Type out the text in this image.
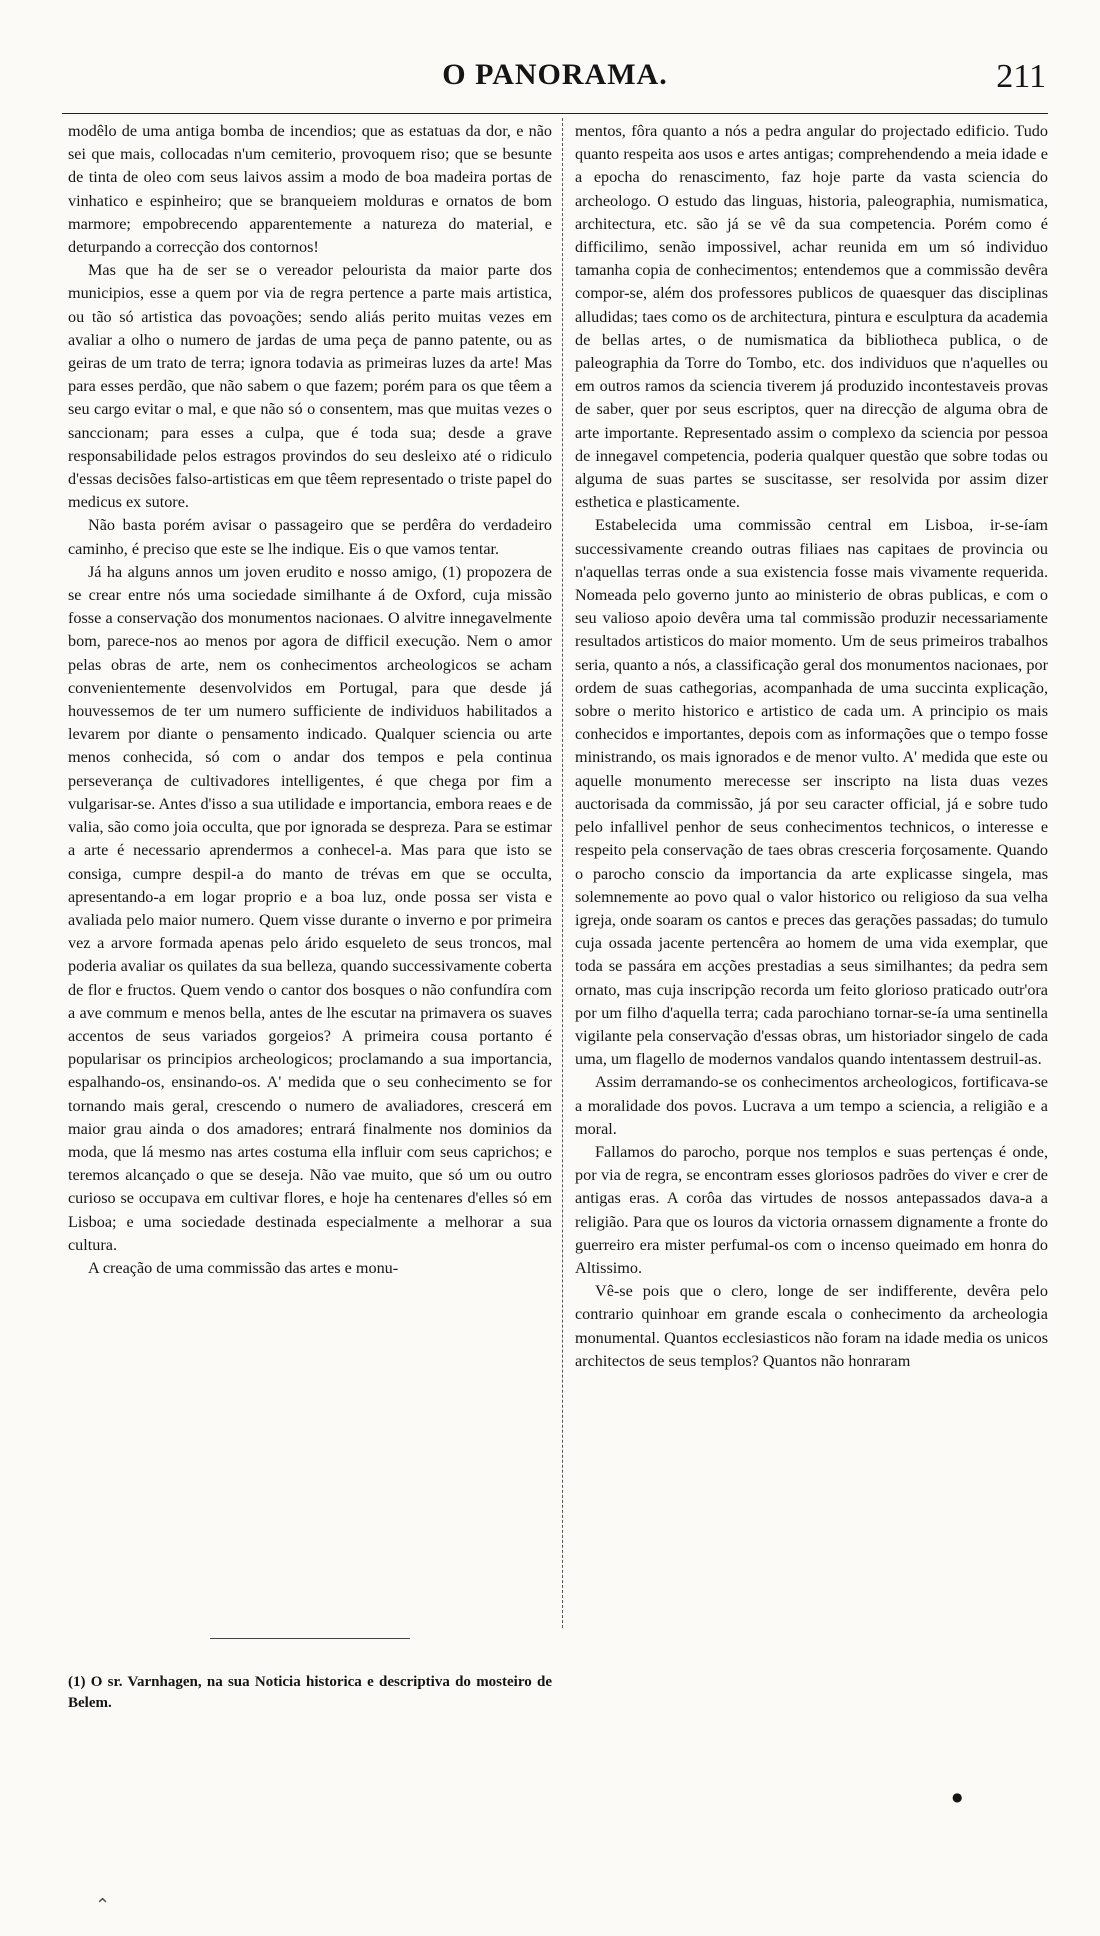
O PANORAMA.	211

modêlo de uma antiga bomba de incendios; que as estatuas da dor, e não sei que mais, collocadas n'um cemiterio, provoquem riso; que se besunte de tinta de oleo com seus laivos assim a modo de boa madeira portas de vinhatico e espinheiro; que se branqueiem molduras e ornatos de bom marmore; empobrecendo apparentemente a natureza do material, e deturpando a correcção dos contornos!

Mas que ha de ser se o vereador pelourista da maior parte dos municipios, esse a quem por via de regra pertence a parte mais artistica, ou tão só artistica das povoações; sendo aliás perito muitas vezes em avaliar a olho o numero de jardas de uma peça de panno patente, ou as geiras de um trato de terra; ignora todavia as primeiras luzes da arte! Mas para esses perdão, que não sabem o que fazem; porém para os que têem a seu cargo evitar o mal, e que não só o consentem, mas que muitas vezes o sanccionam; para esses a culpa, que é toda sua; desde a grave responsabilidade pelos estragos provindos do seu desleixo até o ridiculo d'essas decisões falso-artisticas em que têem representado o triste papel do medicus ex sutore.

Não basta porém avisar o passageiro que se perdêra do verdadeiro caminho, é preciso que este se lhe indique. Eis o que vamos tentar.

Já ha alguns annos um joven erudito e nosso amigo, (1) propozera de se crear entre nós uma sociedade similhante á de Oxford, cuja missão fosse a conservação dos monumentos nacionaes. O alvitre innegavelmente bom, parece-nos ao menos por agora de difficil execução. Nem o amor pelas obras de arte, nem os conhecimentos archeologicos se acham convenientemente desenvolvidos em Portugal, para que desde já houvessemos de ter um numero sufficiente de individuos habilitados a levarem por diante o pensamento indicado. Qualquer sciencia ou arte menos conhecida, só com o andar dos tempos e pela continua perseverança de cultivadores intelligentes, é que chega por fim a vulgarisar-se. Antes d'isso a sua utilidade e importancia, embora reaes e de valia, são como joia occulta, que por ignorada se despreza. Para se estimar a arte é necessario aprendermos a conhecel-a. Mas para que isto se consiga, cumpre despil-a do manto de trévas em que se occulta, apresentando-a em logar proprio e a boa luz, onde possa ser vista e avaliada pelo maior numero. Quem visse durante o inverno e por primeira vez a arvore formada apenas pelo árido esqueleto de seus troncos, mal poderia avaliar os quilates da sua belleza, quando successivamente coberta de flor e fructos. Quem vendo o cantor dos bosques o não confundíra com a ave commum e menos bella, antes de lhe escutar na primavera os suaves accentos de seus variados gorgeios? A primeira cousa portanto é popularisar os principios archeologicos; proclamando a sua importancia, espalhando-os, ensinando-os. A' medida que o seu conhecimento se for tornando mais geral, crescendo o numero de avaliadores, crescerá em maior grau ainda o dos amadores; entrará finalmente nos dominios da moda, que lá mesmo nas artes costuma ella influir com seus caprichos; e teremos alcançado o que se deseja. Não vae muito, que só um ou outro curioso se occupava em cultivar flores, e hoje ha centenares d'elles só em Lisboa; e uma sociedade destinada especialmente a melhorar a sua cultura.

A creação de uma commissão das artes e monu-

mentos, fôra quanto a nós a pedra angular do projectado edificio. Tudo quanto respeita aos usos e artes antigas; comprehendendo a meia idade e a epocha do renascimento, faz hoje parte da vasta sciencia do archeologo. O estudo das linguas, historia, paleographia, numismatica, architectura, etc. são já se vê da sua competencia. Porém como é difficilimo, senão impossivel, achar reunida em um só individuo tamanha copia de conhecimentos; entendemos que a commissão devêra compor-se, além dos professores publicos de quaesquer das disciplinas alludidas; taes como os de architectura, pintura e esculptura da academia de bellas artes, o de numismatica da bibliotheca publica, o de paleographia da Torre do Tombo, etc. dos individuos que n'aquelles ou em outros ramos da sciencia tiverem já produzido incontestaveis provas de saber, quer por seus escriptos, quer na direcção de alguma obra de arte importante. Representado assim o complexo da sciencia por pessoa de innegavel competencia, poderia qualquer questão que sobre todas ou alguma de suas partes se suscitasse, ser resolvida por assim dizer esthetica e plasticamente.

Estabelecida uma commissão central em Lisboa, ir-se-íam successivamente creando outras filiaes nas capitaes de provincia ou n'aquellas terras onde a sua existencia fosse mais vivamente requerida. Nomeada pelo governo junto ao ministerio de obras publicas, e com o seu valioso apoio devêra uma tal commissão produzir necessariamente resultados artisticos do maior momento. Um de seus primeiros trabalhos seria, quanto a nós, a classificação geral dos monumentos nacionaes, por ordem de suas cathegorias, acompanhada de uma succinta explicação, sobre o merito historico e artistico de cada um. A principio os mais conhecidos e importantes, depois com as informações que o tempo fosse ministrando, os mais ignorados e de menor vulto. A' medida que este ou aquelle monumento merecesse ser inscripto na lista duas vezes auctorisada da commissão, já por seu caracter official, já e sobre tudo pelo infallivel penhor de seus conhecimentos technicos, o interesse e respeito pela conservação de taes obras cresceria forçosamente. Quando o parocho conscio da importancia da arte explicasse singela, mas solemnemente ao povo qual o valor historico ou religioso da sua velha igreja, onde soaram os cantos e preces das gerações passadas; do tumulo cuja ossada jacente pertencêra ao homem de uma vida exemplar, que toda se passára em acções prestadias a seus similhantes; da pedra sem ornato, mas cuja inscripção recorda um feito glorioso praticado outr'ora por um filho d'aquella terra; cada parochiano tornar-se-ía uma sentinella vigilante pela conservação d'essas obras, um historiador singelo de cada uma, um flagello de modernos vandalos quando intentassem destruil-as.

Assim derramando-se os conhecimentos archeologicos, fortificava-se a moralidade dos povos. Lucrava a um tempo a sciencia, a religião e a moral.

Fallamos do parocho, porque nos templos e suas pertenças é onde, por via de regra, se encontram esses gloriosos padrões do viver e crer de antigas eras. A corôa das virtudes de nossos antepassados dava-a a religião. Para que os louros da victoria ornassem dignamente a fronte do guerreiro era mister perfumal-os com o incenso queimado em honra do Altissimo.

Vê-se pois que o clero, longe de ser indifferente, devêra pelo contrario quinhoar em grande escala o conhecimento da archeologia monumental. Quantos ecclesiasticos não foram na idade media os unicos architectos de seus templos? Quantos não honraram

(1) O sr. Varnhagen, na sua Noticia historica e descriptiva do mosteiro de Belem.
●
⌃
